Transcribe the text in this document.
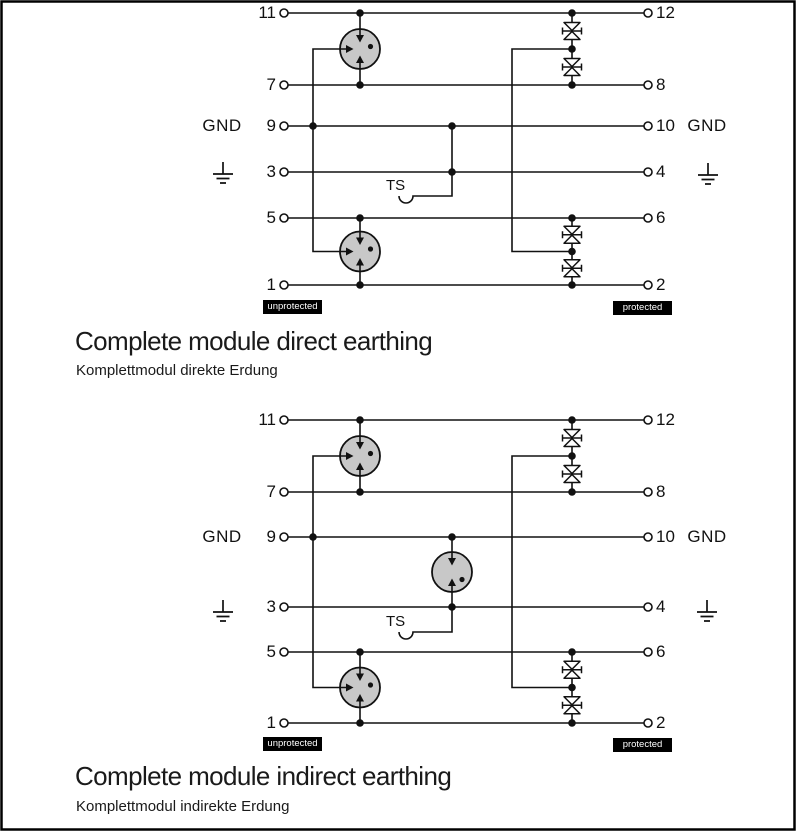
11
7
9
3
5
1
12
8
10
4
6
2
GND	GND
TS
unprotected	protected
Complete module direct earthing
Komplettmodul direkte Erdung
11
7
9
3
5
1
12
8
10
4
6
2
GND	GND
TS
unprotected	protected
Complete module indirect earthing
Komplettmodul indirekte Erdung
